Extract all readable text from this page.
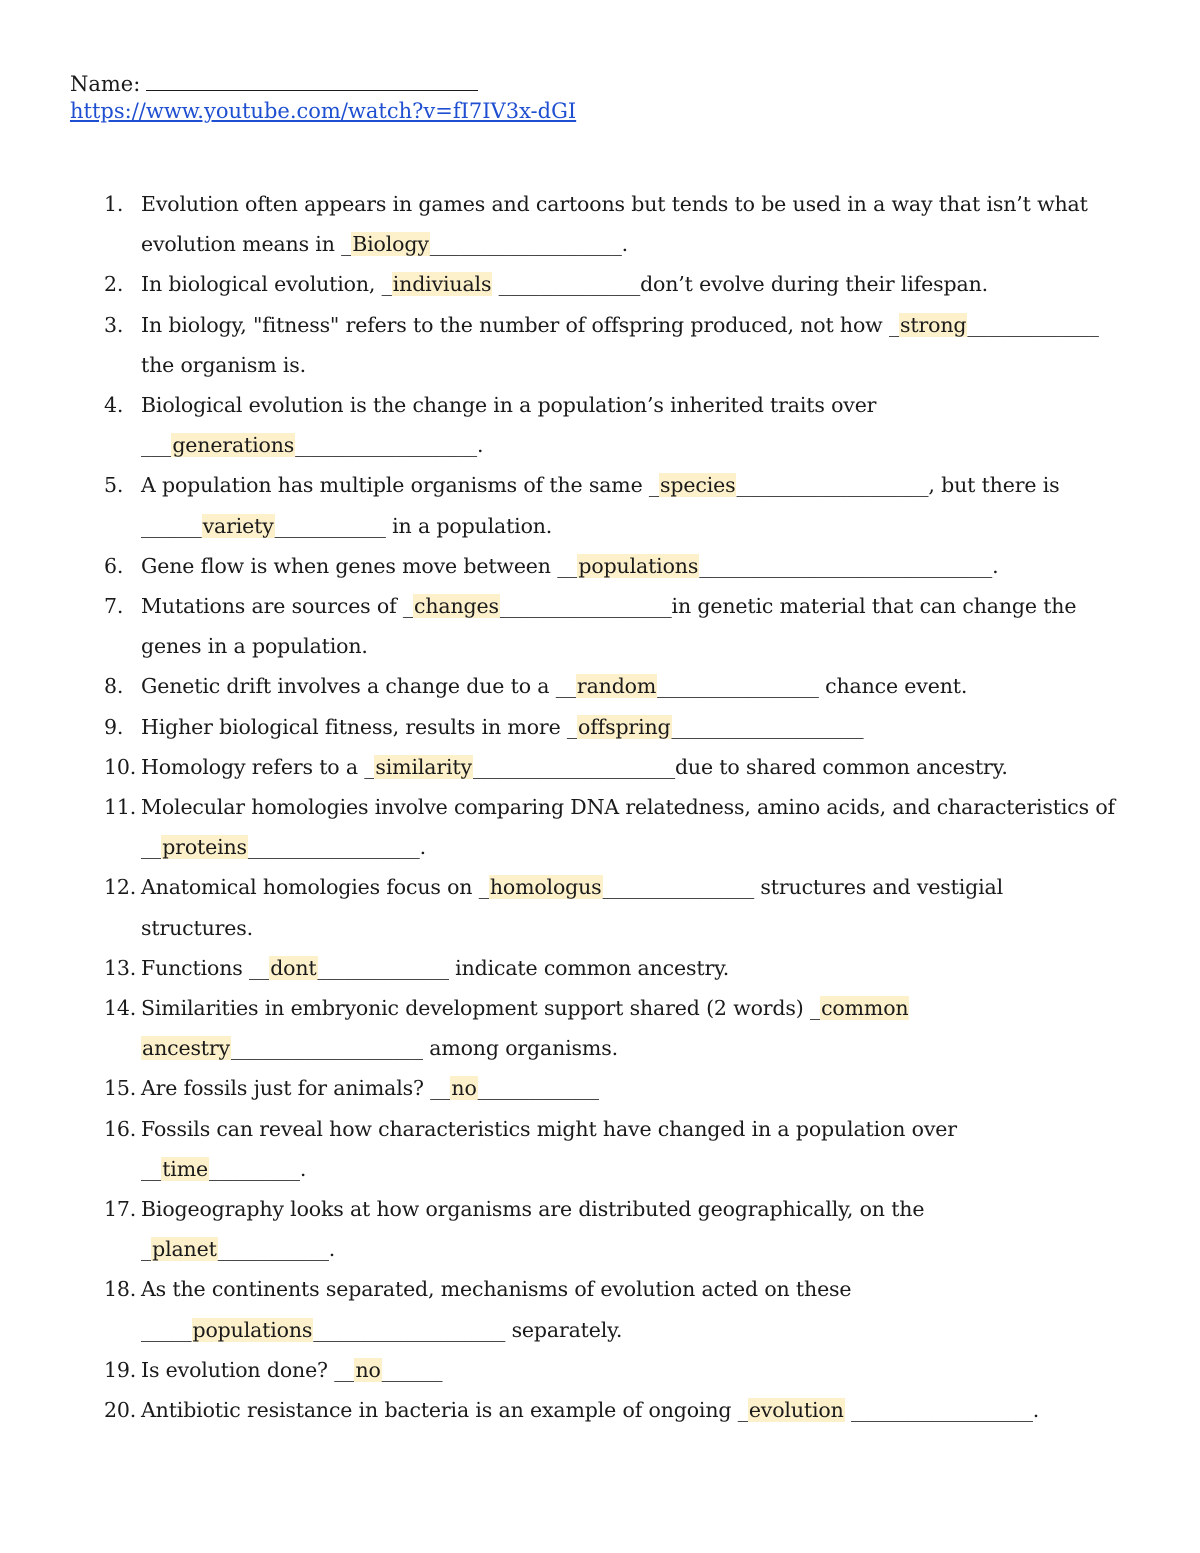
Name:
https://www.youtube.com/watch?v=fI7IV3x-dGI
1. Evolution often appears in games and cartoons but tends to be used in a way that isn’t what
evolution means in _Biology___________________.
2. In biological evolution, _indiviuals ______________don’t evolve during their lifespan.
3. In biology, "fitness" refers to the number of offspring produced, not how _strong_____________
the organism is.
4. Biological evolution is the change in a population’s inherited traits over
___generations__________________.
5. A population has multiple organisms of the same _species___________________, but there is
______variety___________ in a population.
6. Gene flow is when genes move between __populations_____________________________.
7. Mutations are sources of _changes_________________in genetic material that can change the
genes in a population.
8. Genetic drift involves a change due to a __random________________ chance event.
9. Higher biological fitness, results in more _offspring___________________
10. Homology refers to a _similarity____________________due to shared common ancestry.
11. Molecular homologies involve comparing DNA relatedness, amino acids, and characteristics of
__proteins_________________.
12. Anatomical homologies focus on _homologus_______________ structures and vestigial
structures.
13. Functions __dont_____________ indicate common ancestry.
14. Similarities in embryonic development support shared (2 words) _common
ancestry___________________ among organisms.
15. Are fossils just for animals? __no____________
16. Fossils can reveal how characteristics might have changed in a population over
__time_________.
17. Biogeography looks at how organisms are distributed geographically, on the
_planet___________.
18. As the continents separated, mechanisms of evolution acted on these
_____populations___________________ separately.
19. Is evolution done? __no______
20. Antibiotic resistance in bacteria is an example of ongoing _evolution __________________.
